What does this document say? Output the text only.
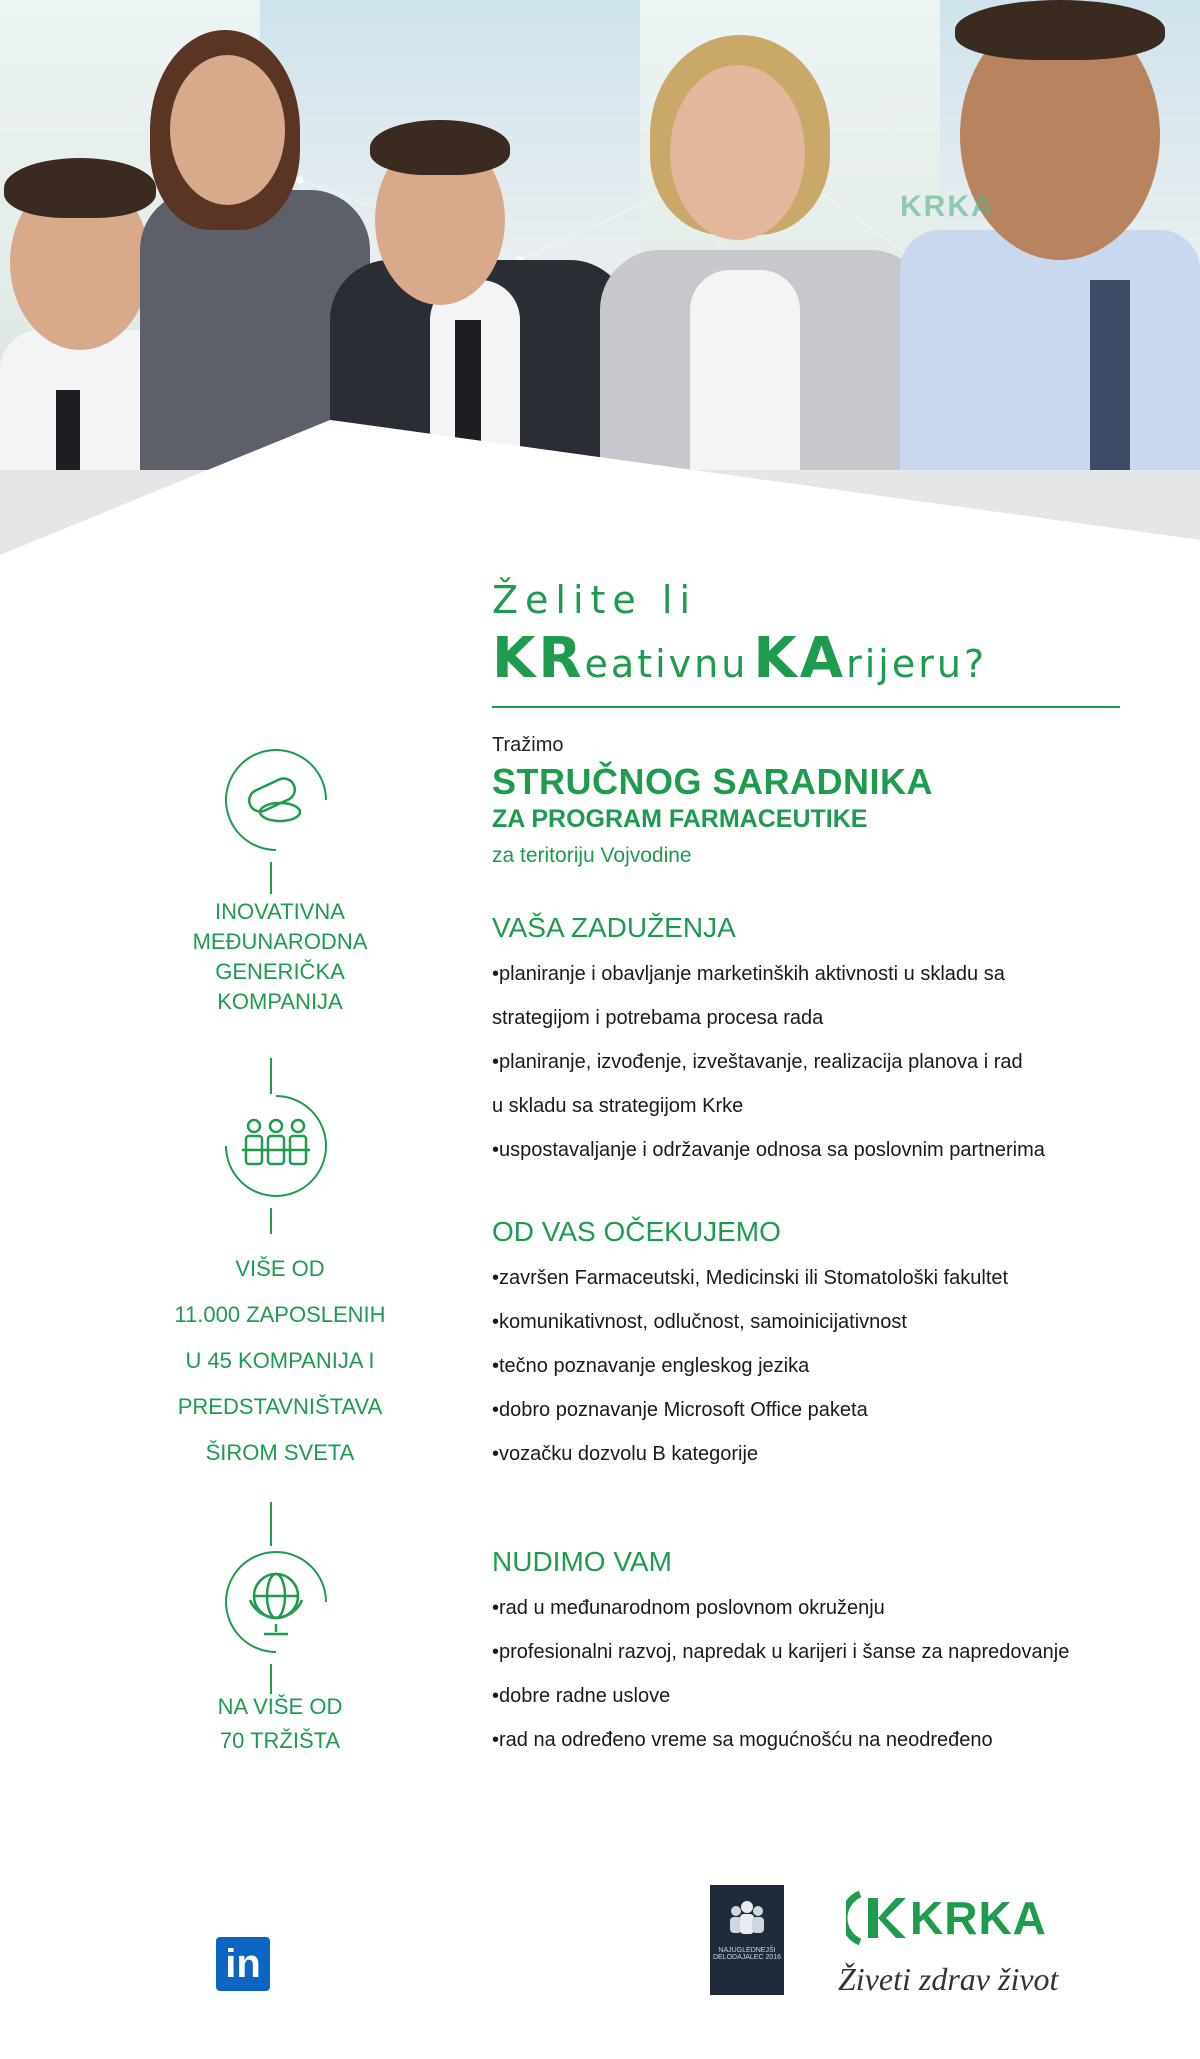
KRKA
Želite li
KReativnu KArijeru?
Tražimo
STRUČNOG SARADNIKA
ZA PROGRAM FARMACEUTIKE
za teritoriju Vojvodine
VAŠA ZADUŽENJA
•planiranje i obavljanje marketinških aktivnosti u skladu sa
strategijom i potrebama procesa rada
•planiranje, izvođenje, izveštavanje, realizacija planova i rad
u skladu sa strategijom Krke
•uspostavaljanje i održavanje odnosa sa poslovnim partnerima
OD VAS OČEKUJEMO
•završen Farmaceutski, Medicinski ili Stomatološki fakultet
•komunikativnost, odlučnost, samoinicijativnost
•tečno poznavanje engleskog jezika
•dobro poznavanje Microsoft Office paketa
•vozačku dozvolu B kategorije
NUDIMO VAM
•rad u međunarodnom poslovnom okruženju
•profesionalni razvoj, napredak u karijeri i šanse za napredovanje
•dobre radne uslove
•rad na određeno vreme sa mogućnošću na neodređeno
INOVATIVNA
MEĐUNARODNA
GENERIČKA
KOMPANIJA
VIŠE OD
11.000 ZAPOSLENIH
U 45 KOMPANIJA I
PREDSTAVNIŠTAVA
ŠIROM SVETA
NA VIŠE OD
70 TRŽIŠTA
in	NAJUGLEDNEJŠI DELODAJALEC 2016
KRKA
Živeti zdrav život
